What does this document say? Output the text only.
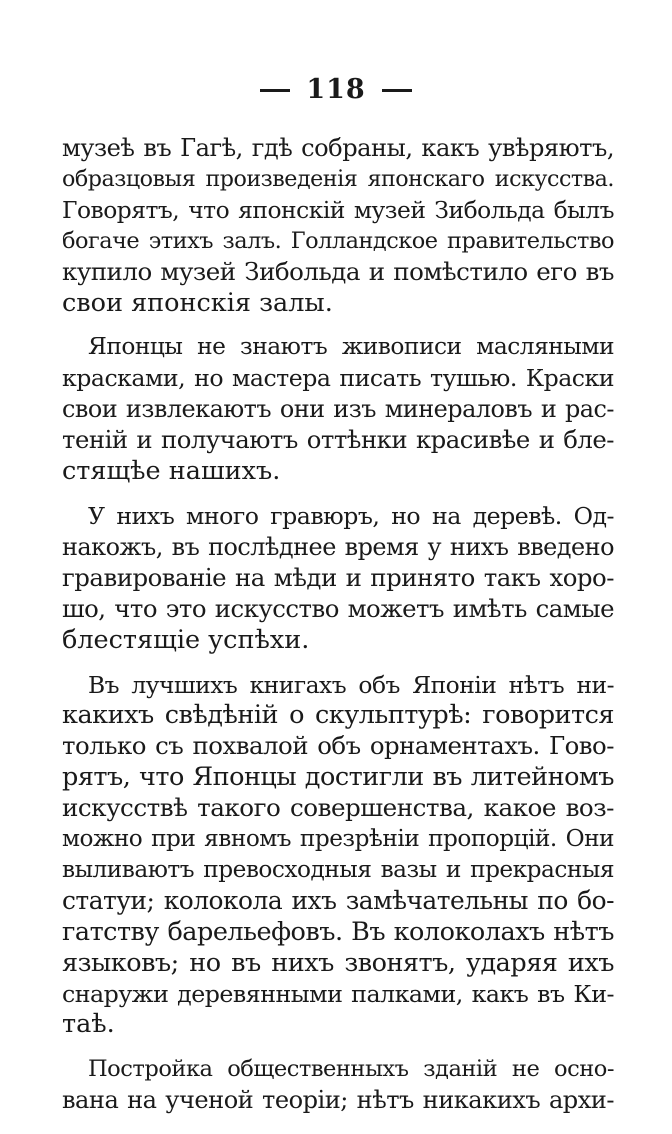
118
музеѣ въ Гагѣ, гдѣ собраны, какъ увѣряютъ,
образцовыя произведенія японскаго искусства.
Говорятъ, что японскій музей Зибольда былъ
богаче этихъ залъ. Голландское правительство
купило музей Зибольда и помѣстило его въ
свои японскія залы.
Японцы не знаютъ живописи масляными
красками, но мастера писать тушью. Краски
свои извлекаютъ они изъ минераловъ и рас-
теній и получаютъ оттѣнки красивѣе и бле-
стящѣе нашихъ.
У нихъ много гравюръ, но на деревѣ. Од-
накожъ, въ послѣднее время у нихъ введено
гравированіе на мѣди и принято такъ хоро-
шо, что это искусство можетъ имѣть самые
блестящіе успѣхи.
Въ лучшихъ книгахъ объ Японіи нѣтъ ни-
какихъ свѣдѣній о скульптурѣ: говорится
только съ похвалой объ орнаментахъ. Гово-
рятъ, что Японцы достигли въ литейномъ
искусствѣ такого совершенства, какое воз-
можно при явномъ презрѣніи пропорцій. Они
выливаютъ превосходныя вазы и прекрасныя
статуи; колокола ихъ замѣчательны по бо-
гатству барельефовъ. Въ колоколахъ нѣтъ
языковъ; но въ нихъ звонятъ, ударяя ихъ
снаружи деревянными палками, какъ въ Ки-
таѣ.
Постройка общественныхъ зданій не осно-
вана на ученой теоріи; нѣтъ никакихъ архи-
